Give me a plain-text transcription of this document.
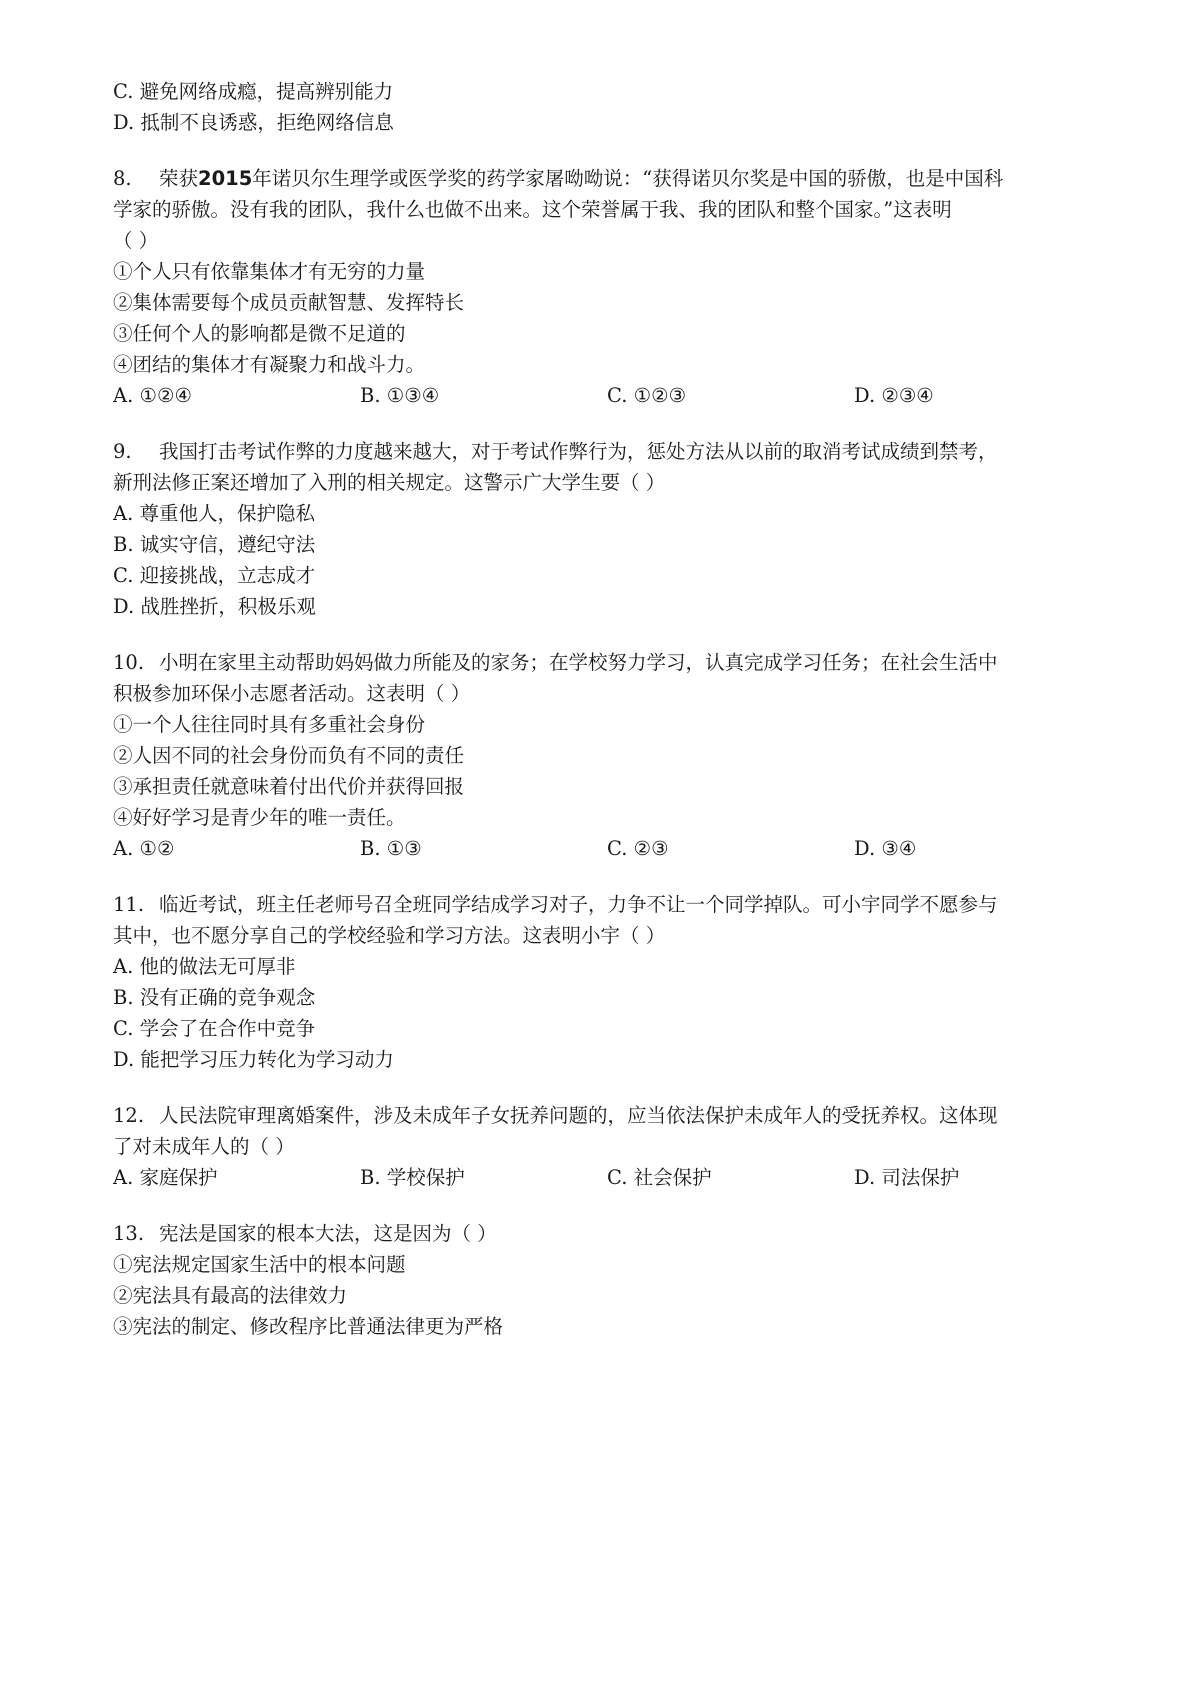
C. 避免网络成瘾，提高辨别能力
D. 抵制不良诱惑，拒绝网络信息
8. 荣获2015年诺贝尔生理学或医学奖的药学家屠呦呦说：“获得诺贝尔奖是中国的骄傲，也是中国科
学家的骄傲。没有我的团队，我什么也做不出来。这个荣誉属于我、我的团队和整个国家。”这表明
（ ）
①个人只有依靠集体才有无穷的力量
②集体需要每个成员贡献智慧、发挥特长
③任何个人的影响都是微不足道的
④团结的集体才有凝聚力和战斗力。
A. ①②④	B. ①③④	C. ①②③	D. ②③④
9. 我国打击考试作弊的力度越来越大，对于考试作弊行为，惩处方法从以前的取消考试成绩到禁考，
新刑法修正案还增加了入刑的相关规定。这警示广大学生要（ ）
A. 尊重他人，保护隐私
B. 诚实守信，遵纪守法
C. 迎接挑战，立志成才
D. 战胜挫折，积极乐观
10. 小明在家里主动帮助妈妈做力所能及的家务；在学校努力学习，认真完成学习任务；在社会生活中
积极参加环保小志愿者活动。这表明（ ）
①一个人往往同时具有多重社会身份
②人因不同的社会身份而负有不同的责任
③承担责任就意味着付出代价并获得回报
④好好学习是青少年的唯一责任。
A. ①②	B. ①③	C. ②③	D. ③④
11. 临近考试，班主任老师号召全班同学结成学习对子，力争不让一个同学掉队。可小宇同学不愿参与
其中，也不愿分享自己的学校经验和学习方法。这表明小宇（ ）
A. 他的做法无可厚非
B. 没有正确的竞争观念
C. 学会了在合作中竞争
D. 能把学习压力转化为学习动力
12. 人民法院审理离婚案件，涉及未成年子女抚养问题的，应当依法保护未成年人的受抚养权。这体现
了对未成年人的（ ）
A. 家庭保护	B. 学校保护	C. 社会保护	D. 司法保护
13. 宪法是国家的根本大法，这是因为（ ）
①宪法规定国家生活中的根本问题
②宪法具有最高的法律效力
③宪法的制定、修改程序比普通法律更为严格
